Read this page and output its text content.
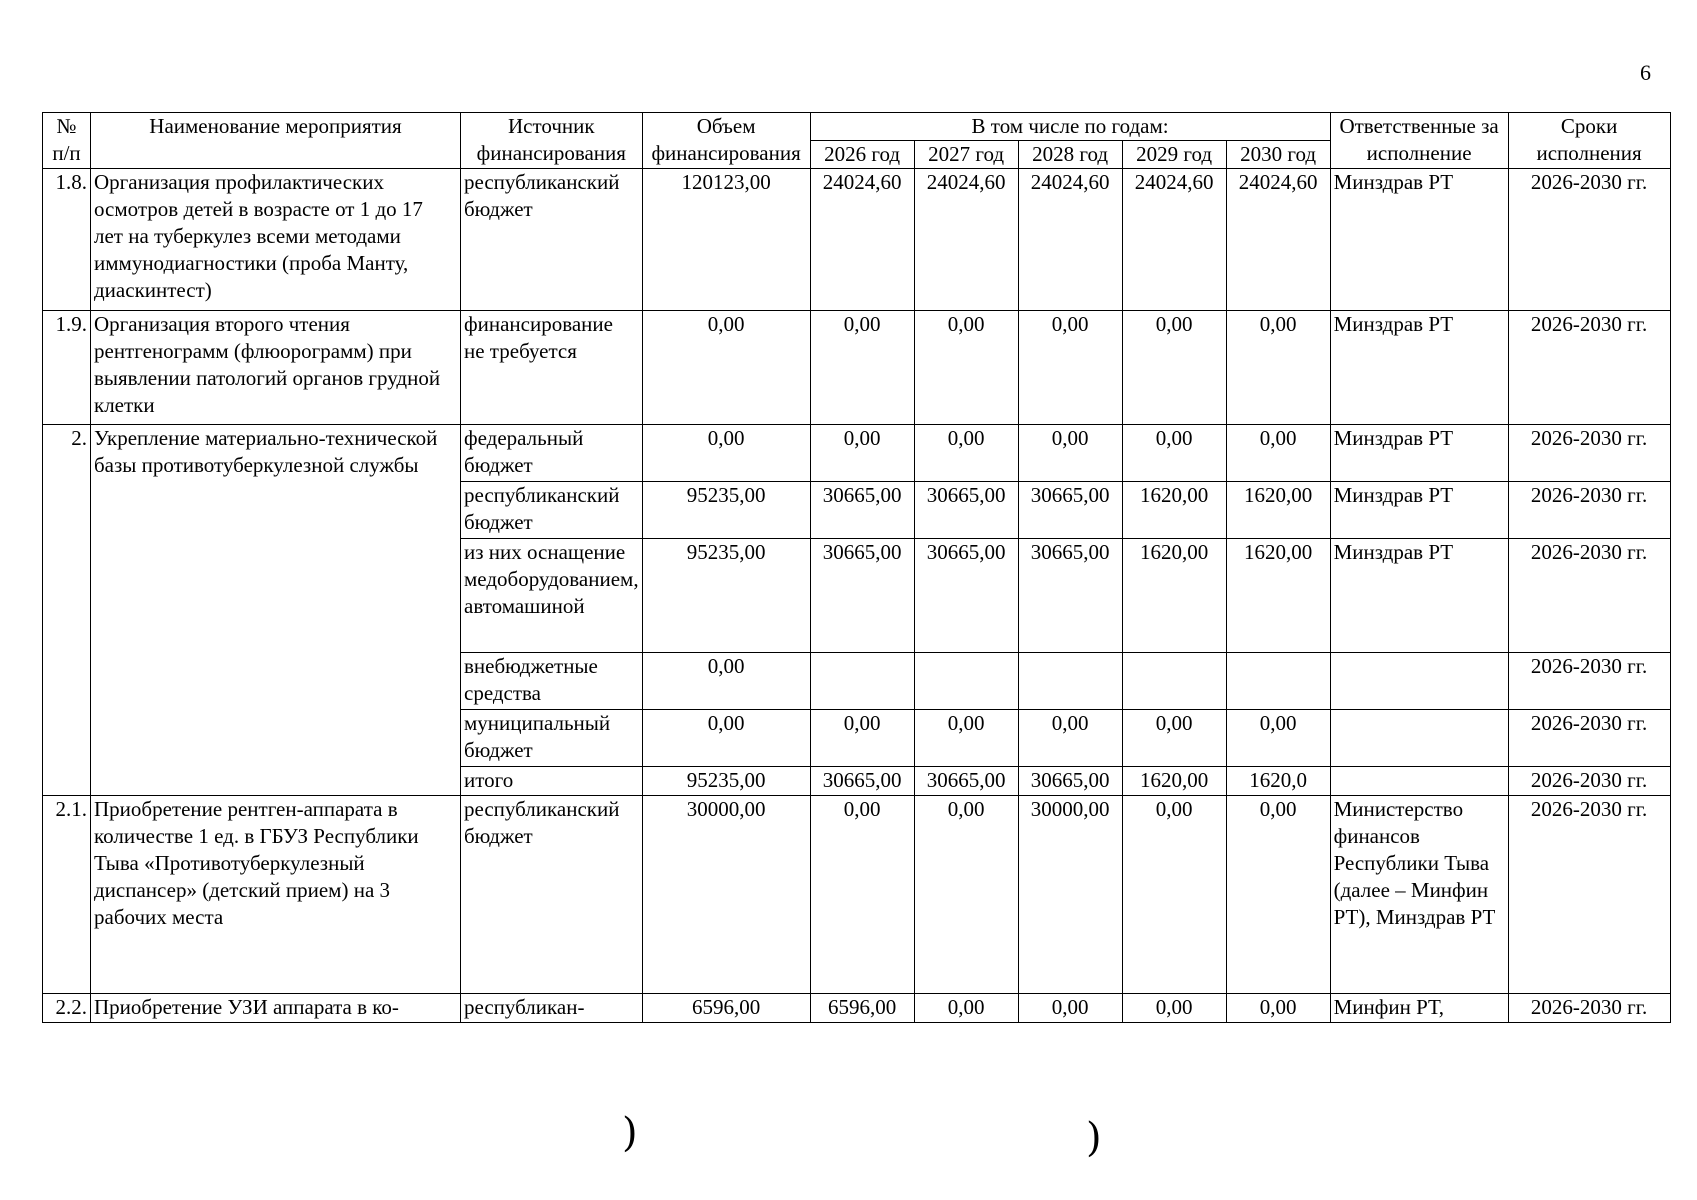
6
№ п/п	Наименование мероприятия	Источник финансирования	Объем финансирования	В том числе по годам:					Ответственные за исполнение	Сроки исполнения
				2026 год	2027 год	2028 год	2029 год	2030 год		
1.8.	Организация профилактических осмотров детей в возрасте от 1 до 17 лет на туберкулез всеми методами иммунодиагностики (проба Манту, диаскинтест)	республиканский бюджет	120123,00	24024,60	24024,60	24024,60	24024,60	24024,60	Минздрав РТ	2026-2030 гг.
1.9.	Организация второго чтения рентгенограмм (флюорограмм) при выявлении патологий органов грудной клетки	финансирование не требуется	0,00	0,00	0,00	0,00	0,00	0,00	Минздрав РТ	2026-2030 гг.
2.	Укрепление материально-технической базы противотуберкулезной службы	федеральный бюджет	0,00	0,00	0,00	0,00	0,00	0,00	Минздрав РТ	2026-2030 гг.
		республиканский бюджет	95235,00	30665,00	30665,00	30665,00	1620,00	1620,00	Минздрав РТ	2026-2030 гг.
		из них оснащение медоборудованием, автомашиной	95235,00	30665,00	30665,00	30665,00	1620,00	1620,00	Минздрав РТ	2026-2030 гг.
		внебюджетные средства	0,00							2026-2030 гг.
		муниципальный бюджет	0,00	0,00	0,00	0,00	0,00	0,00		2026-2030 гг.
		итого	95235,00	30665,00	30665,00	30665,00	1620,00	1620,0		2026-2030 гг.
2.1.	Приобретение рентген-аппарата в количестве 1 ед. в ГБУЗ Республики Тыва «Противотуберкулезный диспансер» (детский прием) на 3 рабочих места	республиканский бюджет	30000,00	0,00	0,00	30000,00	0,00	0,00	Министерство финансов Республики Тыва (далее – Минфин РТ), Минздрав РТ	2026-2030 гг.
2.2.	Приобретение УЗИ аппарата в ко-	республикан-	6596,00	6596,00	0,00	0,00	0,00	0,00	Минфин РТ,	2026-2030 гг.
)	)
